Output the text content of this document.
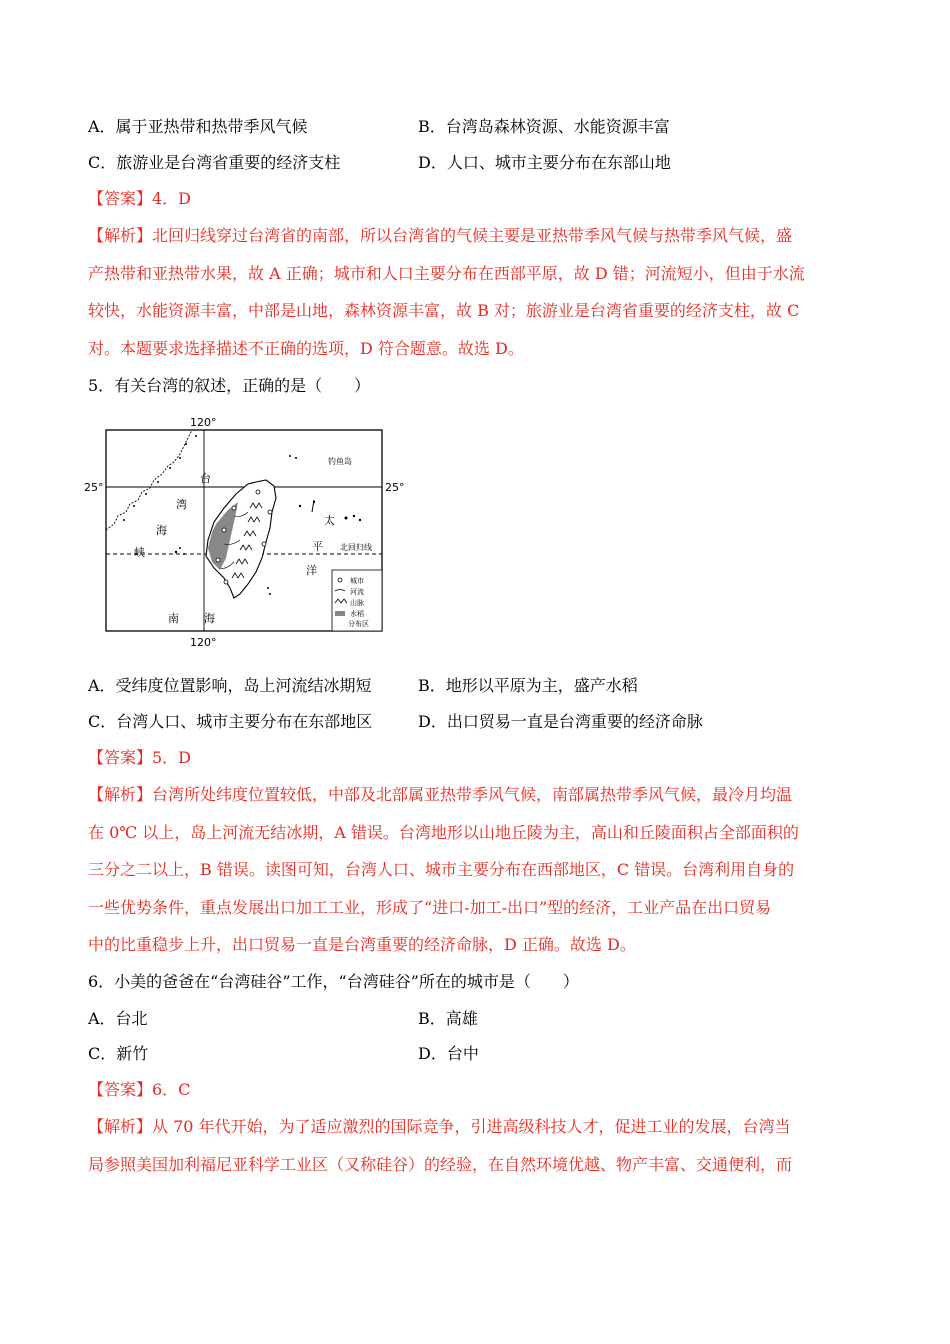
A．属于亚热带和热带季风气候	B．台湾岛森林资源、水能资源丰富
C．旅游业是台湾省重要的经济支柱	D．人口、城市主要分布在东部山地
【答案】4．D
【解析】北回归线穿过台湾省的南部，所以台湾省的气候主要是亚热带季风气候与热带季风气候，盛
产热带和亚热带水果，故 A 正确；城市和人口主要分布在西部平原，故 D 错；河流短小，但由于水流
较快，水能资源丰富，中部是山地，森林资源丰富，故 B 对；旅游业是台湾省重要的经济支柱，故 C
对。本题要求选择描述不正确的选项，D 符合题意。故选 D。
5．有关台湾的叙述，正确的是（　　）
120°
120°
25°	25°
钓鱼岛
台
湾
海
峡
太
平
洋
北回归线
南 海
城市
河流
山脉
水稻
分布区
A．受纬度位置影响，岛上河流结冰期短	B．地形以平原为主，盛产水稻
C．台湾人口、城市主要分布在东部地区	D．出口贸易一直是台湾重要的经济命脉
【答案】5．D
【解析】台湾所处纬度位置较低，中部及北部属亚热带季风气候，南部属热带季风气候，最冷月均温
在 0℃ 以上，岛上河流无结冰期，A 错误。台湾地形以山地丘陵为主，高山和丘陵面积占全部面积的
三分之二以上，B 错误。读图可知，台湾人口、城市主要分布在西部地区，C 错误。台湾利用自身的
一些优势条件，重点发展出口加工工业，形成了“进口-加工-出口”型的经济，工业产品在出口贸易
中的比重稳步上升，出口贸易一直是台湾重要的经济命脉，D 正确。故选 D。
6．小美的爸爸在“台湾硅谷”工作，“台湾硅谷”所在的城市是（　　）
A．台北	B．高雄
C．新竹	D．台中
【答案】6．C
【解析】从 70 年代开始，为了适应激烈的国际竞争，引进高级科技人才，促进工业的发展，台湾当
局参照美国加利福尼亚科学工业区（又称硅谷）的经验，在自然环境优越、物产丰富、交通便利，而
